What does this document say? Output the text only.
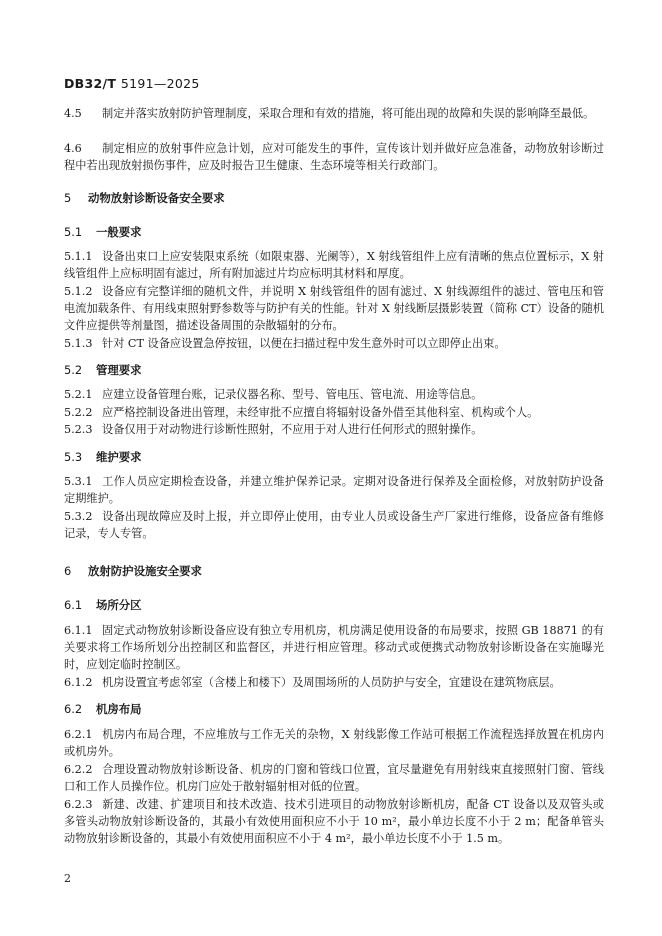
DB32/T 5191—2025

4.5 制定并落实放射防护管理制度，采取合理和有效的措施，将可能出现的故障和失误的影响降至最低。

4.6 制定相应的放射事件应急计划，应对可能发生的事件，宣传该计划并做好应急准备，动物放射诊断过程中若出现放射损伤事件，应及时报告卫生健康、生态环境等相关行政部门。

5 动物放射诊断设备安全要求
5.1 一般要求

5.1.1 设备出束口上应安装限束系统（如限束器、光阑等），X 射线管组件上应有清晰的焦点位置标示，X 射线管组件上应标明固有滤过，所有附加滤过片均应标明其材料和厚度。

5.1.2 设备应有完整详细的随机文件，并说明 X 射线管组件的固有滤过、X 射线源组件的滤过、管电压和管电流加载条件、有用线束照射野参数等与防护有关的性能。针对 X 射线断层摄影装置（简称 CT）设备的随机文件应提供等剂量图，描述设备周围的杂散辐射的分布。

5.1.3 针对 CT 设备应设置急停按钮，以便在扫描过程中发生意外时可以立即停止出束。

5.2 管理要求

5.2.1 应建立设备管理台账，记录仪器名称、型号、管电压、管电流、用途等信息。

5.2.2 应严格控制设备进出管理，未经审批不应擅自将辐射设备外借至其他科室、机构或个人。

5.2.3 设备仅用于对动物进行诊断性照射，不应用于对人进行任何形式的照射操作。

5.3 维护要求

5.3.1 工作人员应定期检查设备，并建立维护保养记录。定期对设备进行保养及全面检修，对放射防护设备定期维护。

5.3.2 设备出现故障应及时上报，并立即停止使用，由专业人员或设备生产厂家进行维修，设备应备有维修记录，专人专管。

6 放射防护设施安全要求
6.1 场所分区

6.1.1 固定式动物放射诊断设备应设有独立专用机房，机房满足使用设备的布局要求，按照 GB 18871 的有关要求将工作场所划分出控制区和监督区，并进行相应管理。移动式或便携式动物放射诊断设备在实施曝光时，应划定临时控制区。

6.1.2 机房设置宜考虑邻室（含楼上和楼下）及周围场所的人员防护与安全，宜建设在建筑物底层。

6.2 机房布局

6.2.1 机房内布局合理，不应堆放与工作无关的杂物，X 射线影像工作站可根据工作流程选择放置在机房内或机房外。

6.2.2 合理设置动物放射诊断设备、机房的门窗和管线口位置，宜尽量避免有用射线束直接照射门窗、管线口和工作人员操作位。机房门应处于散射辐射相对低的位置。

6.2.3 新建、改建、扩建项目和技术改造、技术引进项目的动物放射诊断机房，配备 CT 设备以及双管头或多管头动物放射诊断设备的，其最小有效使用面积应不小于 10 m²，最小单边长度不小于 2 m；配备单管头动物放射诊断设备的，其最小有效使用面积应不小于 4 m²，最小单边长度不小于 1.5 m。

2
